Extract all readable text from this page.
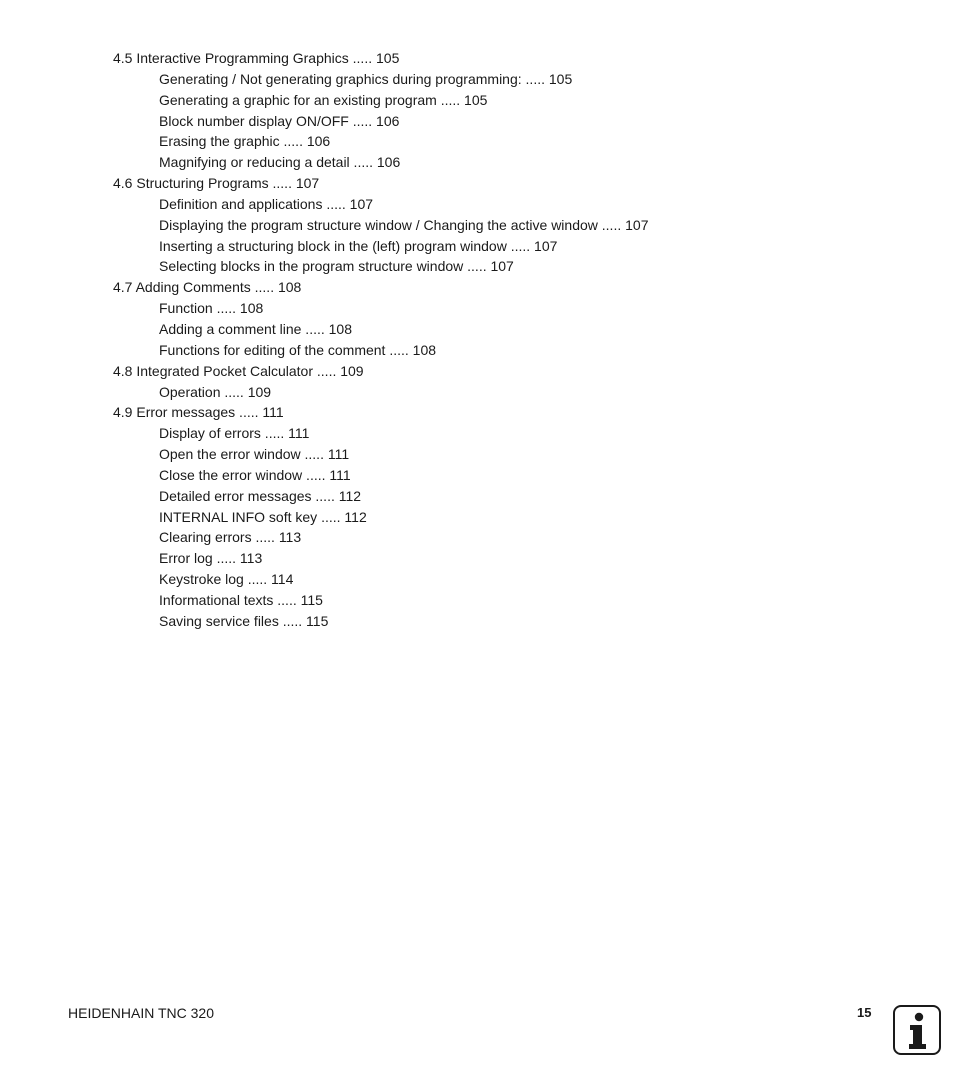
4.5 Interactive Programming Graphics ..... 105
Generating / Not generating graphics during programming: ..... 105
Generating a graphic for an existing program ..... 105
Block number display ON/OFF ..... 106
Erasing the graphic ..... 106
Magnifying or reducing a detail ..... 106
4.6 Structuring Programs ..... 107
Definition and applications ..... 107
Displaying the program structure window / Changing the active window ..... 107
Inserting a structuring block in the (left) program window ..... 107
Selecting blocks in the program structure window ..... 107
4.7 Adding Comments ..... 108
Function ..... 108
Adding a comment line ..... 108
Functions for editing of the comment ..... 108
4.8 Integrated Pocket Calculator ..... 109
Operation ..... 109
4.9 Error messages ..... 111
Display of errors ..... 111
Open the error window ..... 111
Close the error window ..... 111
Detailed error messages ..... 112
INTERNAL INFO soft key ..... 112
Clearing errors ..... 113
Error log ..... 113
Keystroke log ..... 114
Informational texts ..... 115
Saving service files ..... 115
HEIDENHAIN TNC 320	15
